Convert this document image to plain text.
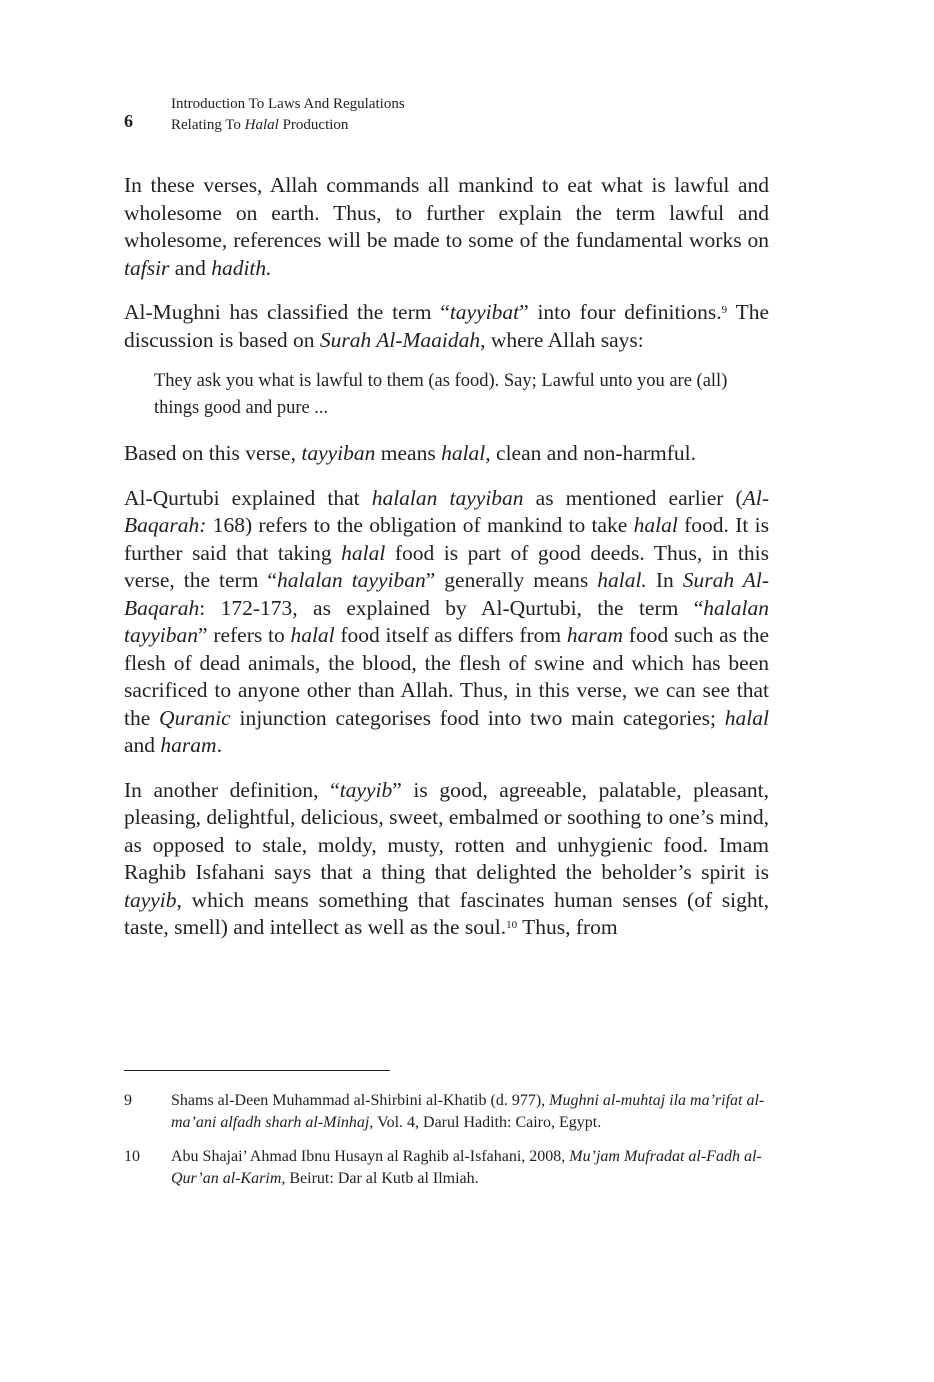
6
Introduction To Laws And Regulations
Relating To Halal Production

In these verses, Allah commands all mankind to eat what is lawful and wholesome on earth. Thus, to further explain the term lawful and wholesome, references will be made to some of the fundamental works on tafsir and hadith.

Al-Mughni has classified the term “tayyibat” into four definitions.$^9$ The discussion is based on Surah Al-Maaidah, where Allah says:

They ask you what is lawful to them (as food). Say; Lawful unto you are (all) things good and pure ...

Based on this verse, tayyiban means halal, clean and non-harmful.

Al-Qurtubi explained that halalan tayyiban as mentioned earlier (Al-Baqarah: 168) refers to the obligation of mankind to take halal food. It is further said that taking halal food is part of good deeds. Thus, in this verse, the term “halalan tayyiban” generally means halal. In Surah Al-Baqarah: 172-173, as explained by Al-Qurtubi, the term “halalan tayyiban” refers to halal food itself as differs from haram food such as the flesh of dead animals, the blood, the flesh of swine and which has been sacrificed to anyone other than Allah. Thus, in this verse, we can see that the Quranic injunction categorises food into two main categories; halal and haram.

In another definition, “tayyib” is good, agreeable, palatable, pleasant, pleasing, delightful, delicious, sweet, embalmed or soothing to one’s mind, as opposed to stale, moldy, musty, rotten and unhygienic food. Imam Raghib Isfahani says that a thing that delighted the beholder’s spirit is tayyib, which means something that fascinates human senses (of sight, taste, smell) and intellect as well as the soul.$^{10}$ Thus, from

9	Shams al-Deen Muhammad al-Shirbini al-Khatib (d. 977), Mughni al-muhtaj ila ma’rifat al-ma’ani alfadh sharh al-Minhaj, Vol. 4, Darul Hadith: Cairo, Egypt.
10	Abu Shajai’ Ahmad Ibnu Husayn al Raghib al-Isfahani, 2008, Mu’jam Mufradat al-Fadh al-Qur’an al-Karim, Beirut: Dar al Kutb al Ilmiah.
